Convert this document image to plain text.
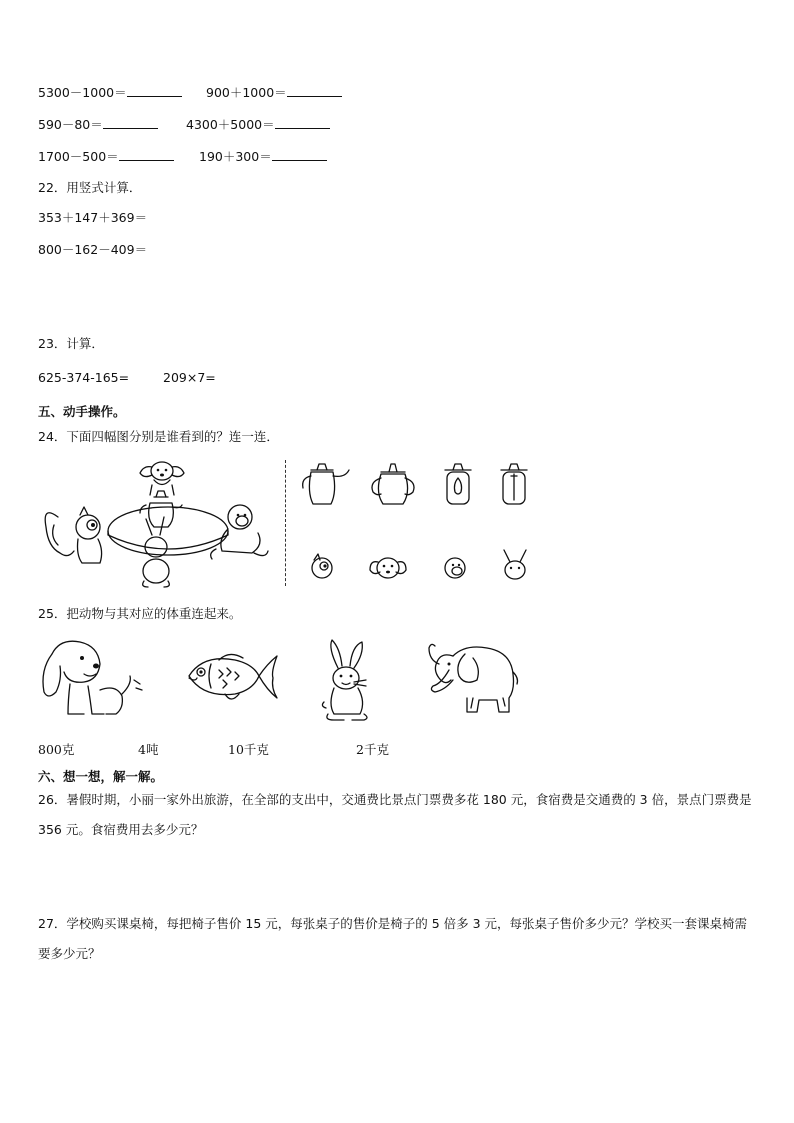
5300－1000＝	900＋1000＝
590－80＝	4300＋5000＝
1700－500＝	190＋300＝
22．用竖式计算．
353＋147＋369＝
800－162－409＝
23．计算．
625-374-165=	209×7=
五、动手操作。
24．下面四幅图分别是谁看到的？连一连．
25．把动物与其对应的体重连起来。
800克	4吨	10千克	2千克
六、想一想，解一解。
26．暑假时期，小丽一家外出旅游，在全部的支出中，交通费比景点门票费多花 180 元，食宿费是交通费的 3 倍，景点门票费是 356 元。食宿费用去多少元？
27．学校购买课桌椅，每把椅子售价 15 元，每张桌子的售价是椅子的 5 倍多 3 元，每张桌子售价多少元？学校买一套课桌椅需要多少元？
